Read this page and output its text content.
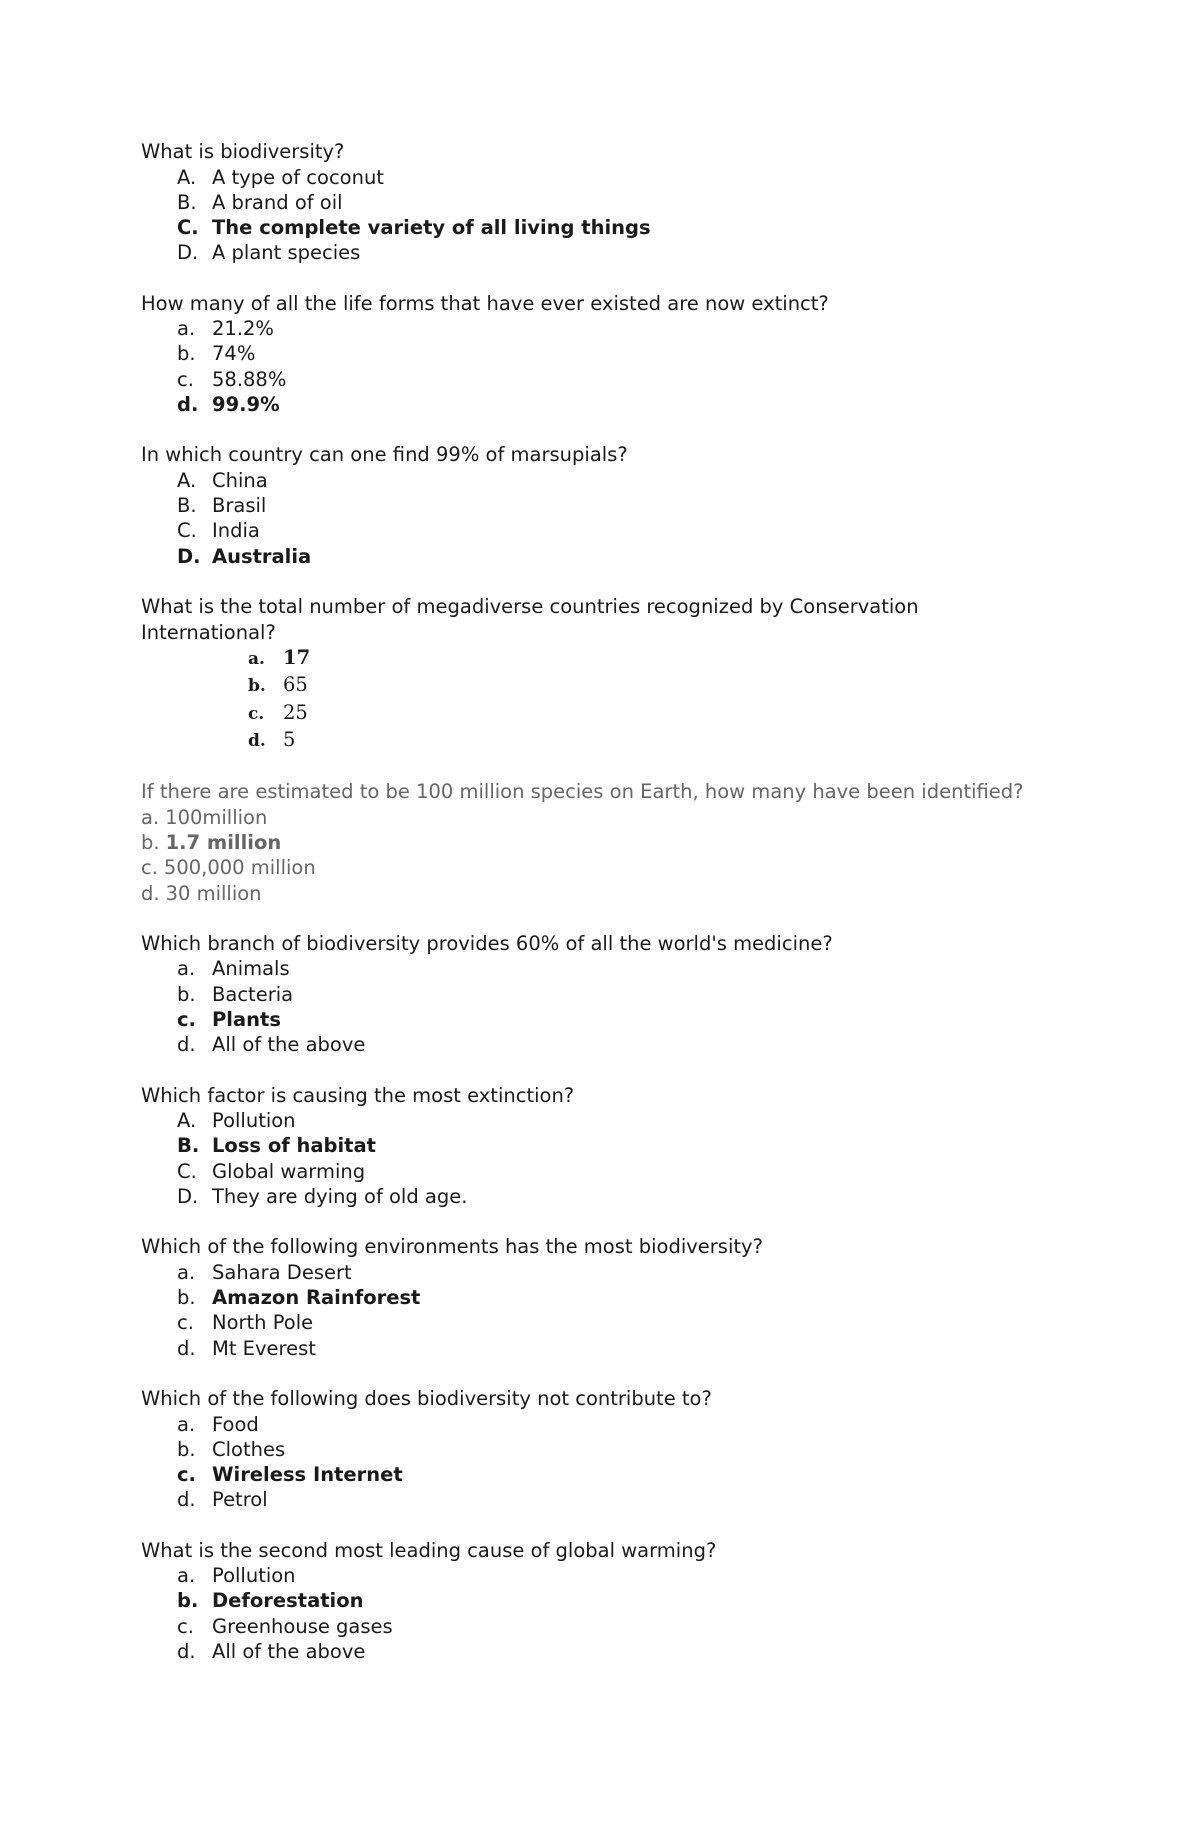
What is biodiversity?
A. A type of coconut
B. A brand of oil
C. The complete variety of all living things
D. A plant species
How many of all the life forms that have ever existed are now extinct?
a. 21.2%
b. 74%
c. 58.88%
d. 99.9%
In which country can one find 99% of marsupials?
A. China
B. Brasil
C. India
D. Australia
What is the total number of megadiverse countries recognized by Conservation International?
a. 17
b. 65
c. 25
d. 5
If there are estimated to be 100 million species on Earth, how many have been identified?
a. 100million
b. 1.7 million
c. 500,000 million
d. 30 million
Which branch of biodiversity provides 60% of all the world's medicine?
a. Animals
b. Bacteria
c. Plants
d. All of the above
Which factor is causing the most extinction?
A. Pollution
B. Loss of habitat
C. Global warming
D. They are dying of old age.
Which of the following environments has the most biodiversity?
a. Sahara Desert
b. Amazon Rainforest
c. North Pole
d. Mt Everest
Which of the following does biodiversity not contribute to?
a. Food
b. Clothes
c. Wireless Internet
d. Petrol
What is the second most leading cause of global warming?
a. Pollution
b. Deforestation
c. Greenhouse gases
d. All of the above
